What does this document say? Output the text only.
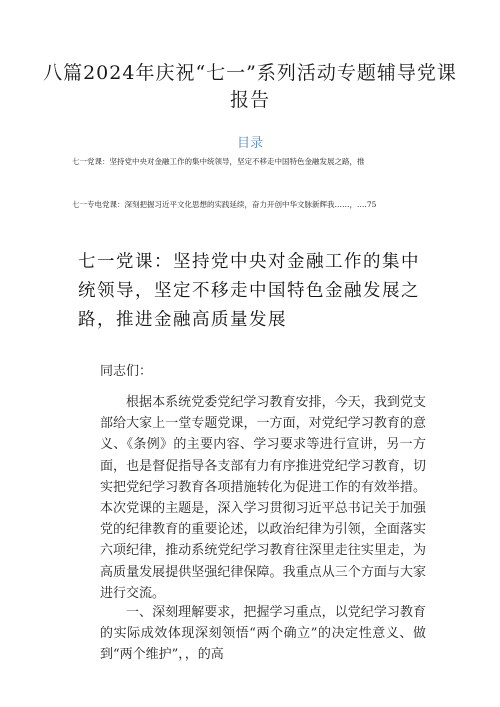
八篇2024年庆祝“七一”系列活动专题辅导党课报告
目录
七一党课：坚持党中央对金融工作的集中统领导，坚定不移走中国特色金融发展之路，推
七一专电党课：深刻把握习近平文化思想的实践延续，奋力开创中华文脉新辉我……，.…75
七一党课：坚持党中央对金融工作的集中统领导，坚定不移走中国特色金融发展之路，推进金融高质量发展
同志们：
根据本系统党委党纪学习教育安排，今天，我到党支部给大家上一堂专题党课，一方面，对党纪学习教育的意义、《条例》的主要内容、学习要求等进行宣讲，另一方面，也是督促指导各支部有力有序推进党纪学习教育，切实把党纪学习教育各项措施转化为促进工作的有效举措。本次党课的主题是，深入学习贯彻习近平总书记关于加强党的纪律教育的重要论述，以政治纪律为引领，全面落实六项纪律，推动系统党纪学习教育往深里走往实里走，为高质量发展提供坚强纪律保障。我重点从三个方面与大家进行交流。
一、深刻理解要求，把握学习重点，以党纪学习教育的实际成效体现深刻领悟“两个确立”的决定性意义、做到“两个维护”，，的高
